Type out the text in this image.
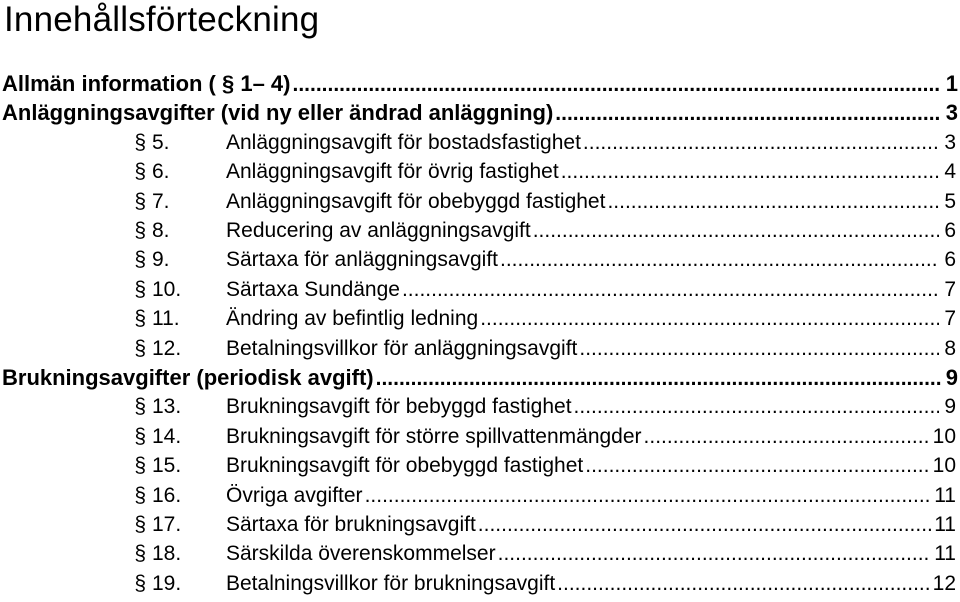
Innehållsförteckning
Allmän information ( § 1– 4) .....	1
Anläggningsavgifter (vid ny eller ändrad anläggning) .....	3
§ 5.	Anläggningsavgift för bostadsfastighet .....	3
§ 6.	Anläggningsavgift för övrig fastighet .....	4
§ 7.	Anläggningsavgift för obebyggd fastighet .....	5
§ 8.	Reducering av anläggningsavgift .....	6
§ 9.	Särtaxa för anläggningsavgift .....	6
§ 10.	Särtaxa Sundänge .....	7
§ 11.	Ändring av befintlig ledning .....	7
§ 12.	Betalningsvillkor för anläggningsavgift .....	8
Brukningsavgifter (periodisk avgift) .....	9
§ 13.	Brukningsavgift för bebyggd fastighet .....	9
§ 14.	Brukningsavgift för större spillvattenmängder .....	10
§ 15.	Brukningsavgift för obebyggd fastighet .....	10
§ 16.	Övriga avgifter .....	11
§ 17.	Särtaxa för brukningsavgift .....	11
§ 18.	Särskilda överenskommelser .....	11
§ 19.	Betalningsvillkor för brukningsavgift .....	12
